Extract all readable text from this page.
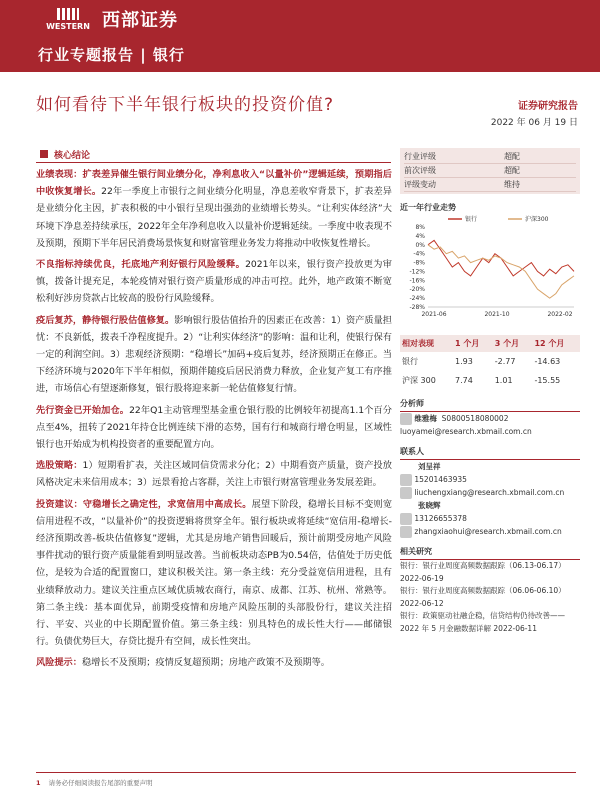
WESTERN 西部证券
行业专题报告 | 银行
如何看待下半年银行板块的投资价值?	证券研究报告
2022 年 06 月 19 日
核心结论

业绩表现：扩表差异催生银行间业绩分化，净利息收入“以量补价”逻辑延续，预期指后中收恢复增长。22年一季度上市银行之间业绩分化明显，净息差收窄背景下，扩表差异是业绩分化主因，扩表积极的中小银行呈现出强劲的业绩增长势头。“让利实体经济”大环境下净息差持续承压，2022年全年净利息收入以量补价逻辑延续。一季度中收表现不及预期，预期下半年居民消费场景恢复和财富管理业务发力将推动中收恢复性增长。

不良指标持续优良，托底地产利好银行风险缓释。2021年以来，银行资产投放更为审慎，拨备计提充足，本轮疫情对银行资产质量形成的冲击可控。此外，地产政策不断宽松利好涉房贷款占比较高的股份行风险缓释。

疫后复苏，静待银行股估值修复。影响银行股估值抬升的因素正在改善：1）资产质量担忧：不良新低，拨表千净程度提升。2）“让利实体经济”的影响：温和让利，使银行保有一定的利润空间。3）悲观经济预期：“稳增长”加码+疫后复苏，经济预期正在修正。当下经济环境与2020年下半年相似，预期伴随疫后居民消费力释放，企业复产复工有序推进，市场信心有望逐渐修复，银行股将迎来新一轮估值修复行情。

先行资金已开始加仓。22年Q1主动管理型基金重仓银行股的比例较年初提高1.1个百分点至4%，扭转了2021年持仓比例连续下滑的态势，国有行和城商行增仓明显，区域性银行也开始成为机构投资者的重要配置方向。

选股策略：1）短期看扩表，关注区域同信贷需求分化；2）中期看资产质量，资产投放风格决定未来信用成本；3）远景看抢占客群，关注上市银行财富管理业务发展差距。

投资建议：守稳增长之确定性，求宽信用中高成长。展望下阶段，稳增长目标不变则宽信用进程不改，“以量补价”的投资逻辑将贯穿全年。银行板块或将延续“宽信用-稳增长-经济预期改善-板块估值修复”逻辑，尤其是房地产销售回暖后，预计前期受房地产风险事件扰动的银行资产质量能看到明显改善。当前板块动态PB为0.54倍，估值处于历史低位，是较为合适的配置窗口，建议积极关注。第一条主线：充分受益宽信用进程，且有业绩释放动力。建议关注重点区域优质城农商行，南京、成都、江苏、杭州、常熟等。第二条主线：基本面优异，前期受疫情和房地产风险压制的头部股份行，建议关注招行、平安、兴业的中长期配置价值。第三条主线：别具特色的成长性大行——邮储银行。负债优势巨大，存贷比提升有空间，成长性突出。

风险提示：稳增长不及预期；疫情反复超预期；房地产政策不及预期等。

行业评级	超配
前次评级	超配
评级变动	维持
近一年行业走势
8%
4%
0%
-4%
-8%
-12%
-16%
-20%
-24%
-28%
2021-06	2021-10	2022-02
银行	沪深300
相对表现	1 个月	3 个月	12 个月
银行	1.93	-2.77	-14.63
沪深 300	7.74	1.01	-15.55
分析师
维雅梅 S0800518080002
luoyamei@research.xbmail.com.cn
联系人
刘呈祥
15201463935
liuchengxiang@research.xbmail.com.cn
张晓辉
13126655378
zhangxiaohui@research.xbmail.com.cn
相关研究
银行：银行业周度高频数据跟踪（06.13-06.17） 2022-06-19
银行：银行业周度高频数据跟踪（06.06-06.10） 2022-06-12
银行：政策驱动社融企稳，信贷结构仍待改善——2022 年 5 月金融数据详解 2022-06-11
1 请务必仔细阅读报告尾部的重要声明
